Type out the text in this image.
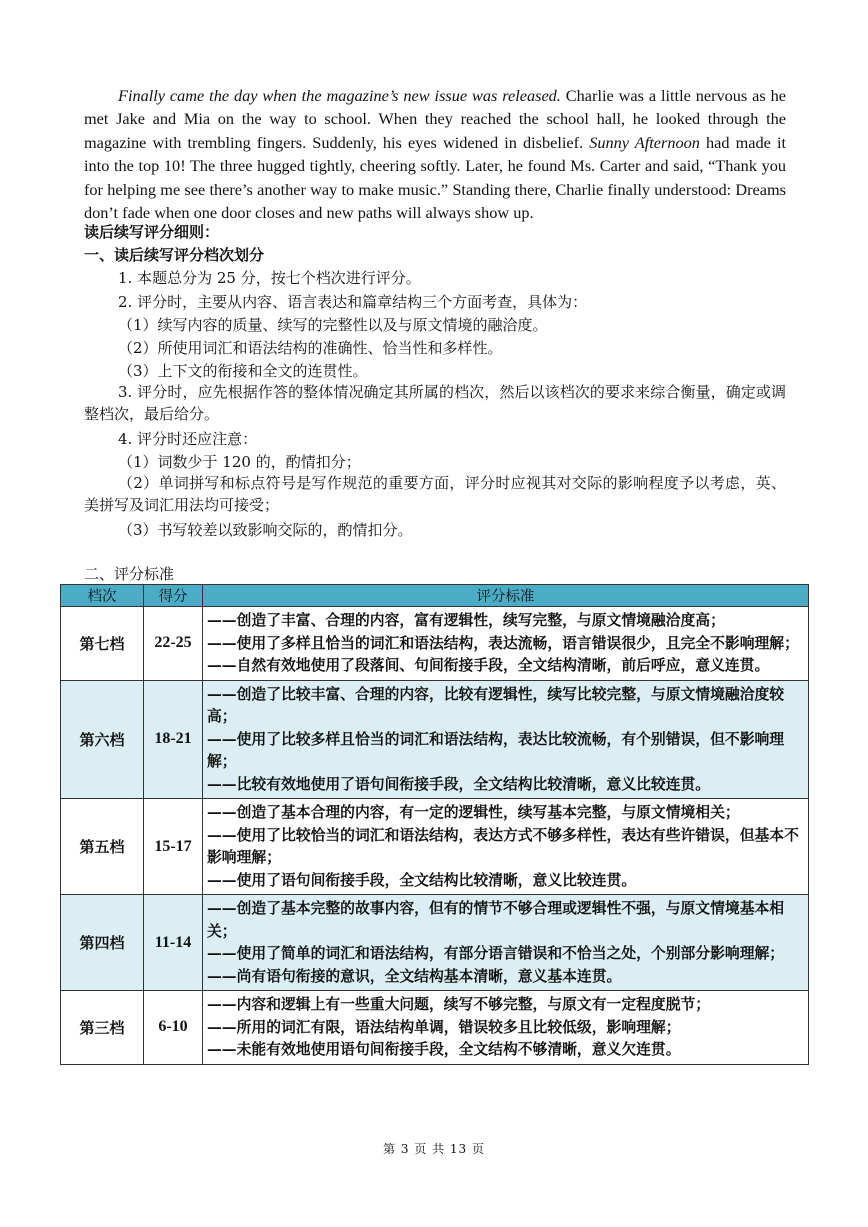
Finally came the day when the magazine’s new issue was released. Charlie was a little nervous as he met Jake and Mia on the way to school. When they reached the school hall, he looked through the magazine with trembling fingers. Suddenly, his eyes widened in disbelief. Sunny Afternoon had made it into the top 10! The three hugged tightly, cheering softly. Later, he found Ms. Carter and said, “Thank you for helping me see there’s another way to make music.” Standing there, Charlie finally understood: Dreams don’t fade when one door closes and new paths will always show up.

读后续写评分细则：

一、读后续写评分档次划分

1. 本题总分为 25 分，按七个档次进行评分。

2. 评分时，主要从内容、语言表达和篇章结构三个方面考查，具体为：

（1）续写内容的质量、续写的完整性以及与原文情境的融洽度。

（2）所使用词汇和语法结构的准确性、恰当性和多样性。

（3）上下文的衔接和全文的连贯性。

3. 评分时，应先根据作答的整体情况确定其所属的档次，然后以该档次的要求来综合衡量，确定或调整档次，最后给分。

4. 评分时还应注意：

（1）词数少于 120 的，酌情扣分；

（2）单词拼写和标点符号是写作规范的重要方面，评分时应视其对交际的影响程度予以考虑，英、美拼写及词汇用法均可接受；

（3）书写较差以致影响交际的，酌情扣分。

二、评分标准

档次	得分	评分标准
第七档	22-25	——创造了丰富、合理的内容，富有逻辑性，续写完整，与原文情境融洽度高；
——使用了多样且恰当的词汇和语法结构，表达流畅，语言错误很少，且完全不影响理解；
——自然有效地使用了段落间、句间衔接手段，全文结构清晰，前后呼应，意义连贯。

第六档	18-21	——创造了比较丰富、合理的内容，比较有逻辑性，续写比较完整，与原文情境融洽度较高；
——使用了比较多样且恰当的词汇和语法结构，表达比较流畅，有个别错误，但不影响理解；
——比较有效地使用了语句间衔接手段，全文结构比较清晰，意义比较连贯。

第五档	15-17	——创造了基本合理的内容，有一定的逻辑性，续写基本完整，与原文情境相关；
——使用了比较恰当的词汇和语法结构，表达方式不够多样性，表达有些许错误，但基本不影响理解；
——使用了语句间衔接手段，全文结构比较清晰，意义比较连贯。

第四档	11-14	——创造了基本完整的故事内容，但有的情节不够合理或逻辑性不强，与原文情境基本相关；
——使用了简单的词汇和语法结构，有部分语言错误和不恰当之处，个别部分影响理解；
——尚有语句衔接的意识，全文结构基本清晰，意义基本连贯。

第三档	6-10	——内容和逻辑上有一些重大问题，续写不够完整，与原文有一定程度脱节；
——所用的词汇有限，语法结构单调，错误较多且比较低级，影响理解；
——未能有效地使用语句间衔接手段，全文结构不够清晰，意义欠连贯。
第 3 页 共 13 页
